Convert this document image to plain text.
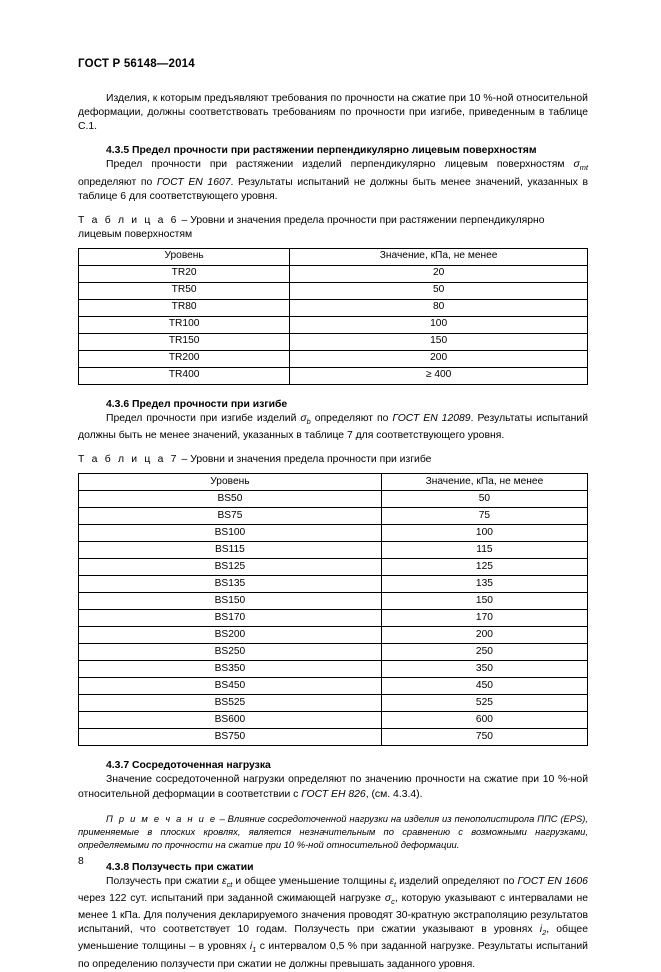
ГОСТ Р 56148—2014

Изделия, к которым предъявляют требования по прочности на сжатие при 10 %-ной относительной деформации, должны соответствовать требованиям по прочности при изгибе, приведенным в таблице С.1.

4.3.5 Предел прочности при растяжении перпендикулярно лицевым поверхностям

Предел прочности при растяжении изделий перпендикулярно лицевым поверхностям $\sigma_{mt}$ определяют по ГОСТ EN 1607. Результаты испытаний не должны быть менее значений, указанных в таблице 6 для соответствующего уровня.

Т а б л и ц а 6 – Уровни и значения предела прочности при растяжении перпендикулярно лицевым поверхностям

Уровень	Значение, кПа, не менее
TR20	20
TR50	50
TR80	80
TR100	100
TR150	150
TR200	200
TR400	≥ 400
4.3.6 Предел прочности при изгибе

Предел прочности при изгибе изделий $\sigma_b$ определяют по ГОСТ EN 12089. Результаты испытаний должны быть не менее значений, указанных в таблице 7 для соответствующего уровня.

Т а б л и ц а 7 – Уровни и значения предела прочности при изгибе

Уровень	Значение, кПа, не менее
BS50	50
BS75	75
BS100	100
BS115	115
BS125	125
BS135	135
BS150	150
BS170	170
BS200	200
BS250	250
BS350	350
BS450	450
BS525	525
BS600	600
BS750	750
4.3.7 Сосредоточенная нагрузка

Значение сосредоточенной нагрузки определяют по значению прочности на сжатие при 10 %-ной относительной деформации в соответствии с ГОСТ ЕН 826, (см. 4.3.4).

П р и м е ч а н и е – Влияние сосредоточенной нагрузки на изделия из пенополистирола ППС (EPS), применяемые в плоских кровлях, является незначительным по сравнению с возможными нагрузками, определяемыми по прочности на сжатие при 10 %-ной относительной деформации.

4.3.8 Ползучесть при сжатии

Ползучесть при сжатии $\varepsilon_{ct}$ и общее уменьшение толщины $\varepsilon_t$ изделий определяют по ГОСТ EN 1606 через 122 сут. испытаний при заданной сжимающей нагрузке $\sigma_c$, которую указывают с интервалами не менее 1 кПа. Для получения декларируемого значения проводят 30-кратную экстраполяцию результатов испытаний, что соответствует 10 годам. Ползучесть при сжатии указывают в уровнях $i_2$, общее уменьшение толщины – в уровнях $i_1$ с интервалом 0,5 % при заданной нагрузке. Результаты испытаний по определению ползучести при сжатии не должны превышать заданного уровня.

8
